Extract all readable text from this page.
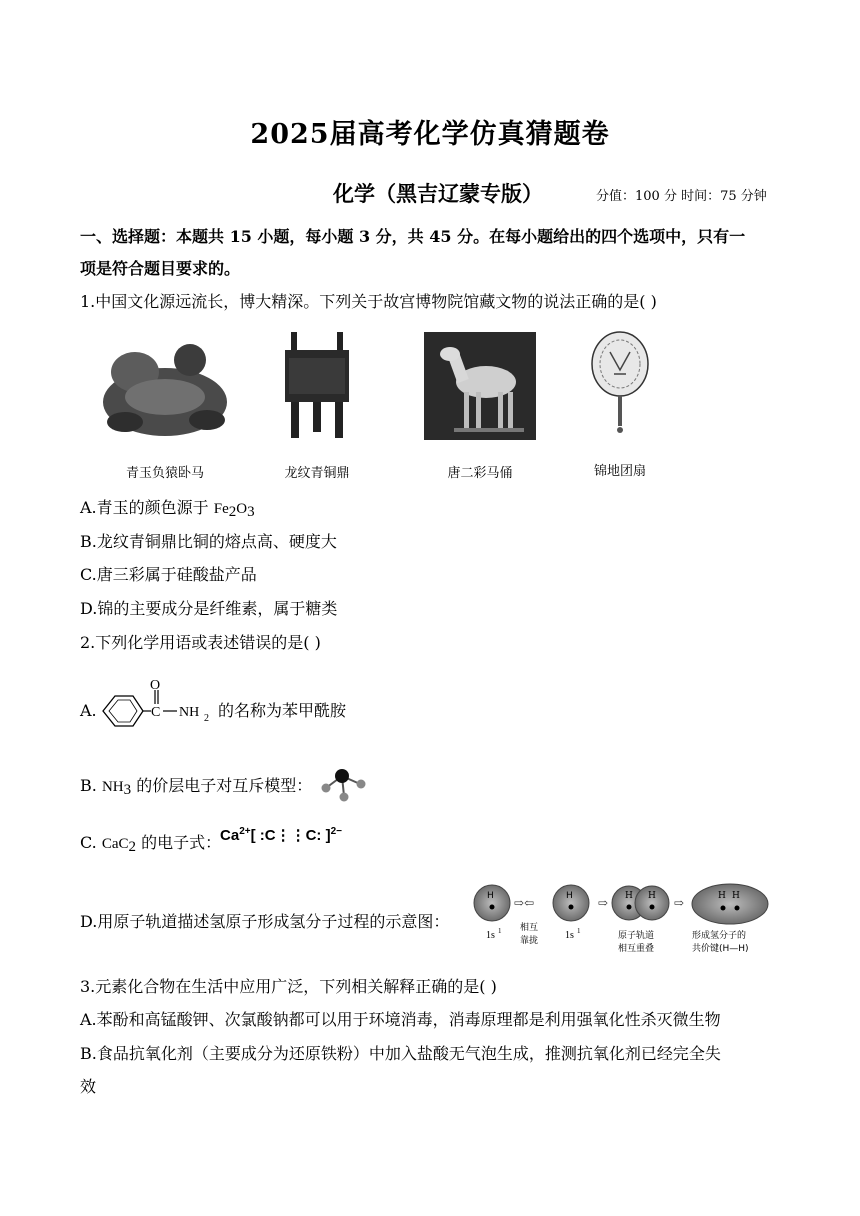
2025届高考化学仿真猜题卷
化学（黑吉辽蒙专版）	分值：100 分 时间：75 分钟
一、选择题：本题共 15 小题，每小题 3 分，共 45 分。在每小题给出的四个选项中，只有一
项是符合题目要求的。
1.中国文化源远流长，博大精深。下列关于故宫博物院馆藏文物的说法正确的是( )
青玉负猿卧马	龙纹青铜鼎	唐二彩马俑	锦地团扇
A.青玉的颜色源于 $Fe_2O_3$
B.龙纹青铜鼎比铜的熔点高、硬度大
C.唐三彩属于硅酸盐产品
D.锦的主要成分是纤维素，属于糖类
2.下列化学用语或表述错误的是( )
A.
O
C NH 2 的名称为苯甲酰胺
B. $NH_3$ 的价层电子对互斥模型：
C. CaC$_2$ 的电子式：
$Ca^{2+}$[ :C⋮⋮C: ]$^{2-}$
D.用原子轨道描述氢原子形成氢分子过程的示意图：
H ⇨⇦	H ⇨ H H ⇨	H H
1s 1	1s 1
相互
靠拢	原子轨道
相互重叠
形成氢分子的
共价键(H—H)
3.元素化合物在生活中应用广泛，下列相关解释正确的是( )
A.苯酚和高锰酸钾、次氯酸钠都可以用于环境消毒，消毒原理都是利用强氧化性杀灭微生物
B.食品抗氧化剂（主要成分为还原铁粉）中加入盐酸无气泡生成，推测抗氧化剂已经完全失
效
